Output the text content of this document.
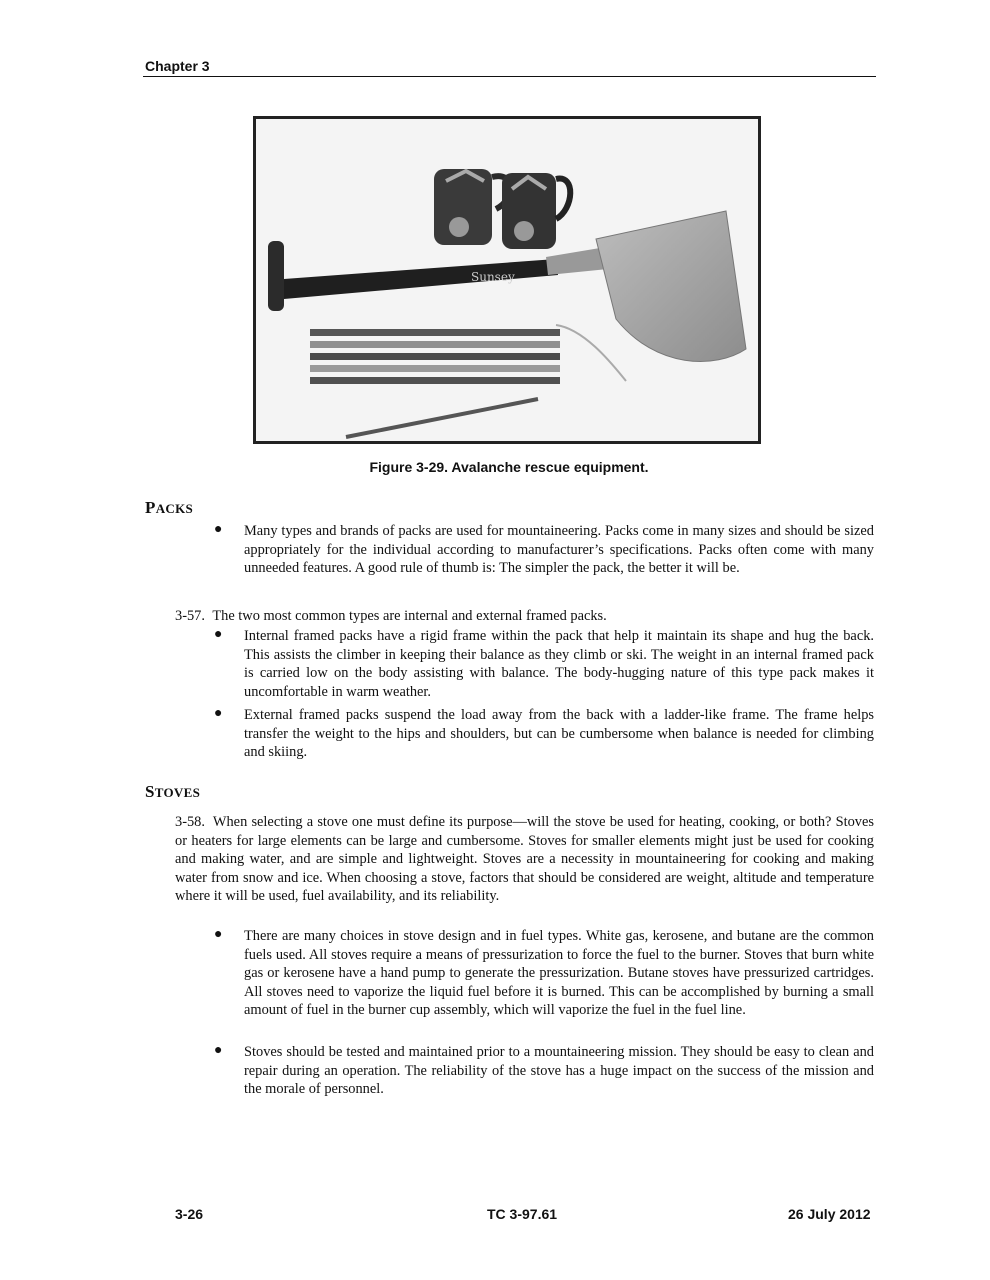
Chapter 3
Sunsey
Figure 3-29. Avalanche rescue equipment.
PACKS
● Many types and brands of packs are used for mountaineering. Packs come in many sizes and should be sized appropriately for the individual according to manufacturer’s specifications. Packs often come with many unneeded features. A good rule of thumb is: The simpler the pack, the better it will be.
3-57. The two most common types are internal and external framed packs.
● Internal framed packs have a rigid frame within the pack that help it maintain its shape and hug the back. This assists the climber in keeping their balance as they climb or ski. The weight in an internal framed pack is carried low on the body assisting with balance. The body-hugging nature of this type pack makes it uncomfortable in warm weather.
● External framed packs suspend the load away from the back with a ladder-like frame. The frame helps transfer the weight to the hips and shoulders, but can be cumbersome when balance is needed for climbing and skiing.
STOVES
3-58. When selecting a stove one must define its purpose—will the stove be used for heating, cooking, or both? Stoves or heaters for large elements can be large and cumbersome. Stoves for smaller elements might just be used for cooking and making water, and are simple and lightweight. Stoves are a necessity in mountaineering for cooking and making water from snow and ice. When choosing a stove, factors that should be considered are weight, altitude and temperature where it will be used, fuel availability, and its reliability.
● There are many choices in stove design and in fuel types. White gas, kerosene, and butane are the common fuels used. All stoves require a means of pressurization to force the fuel to the burner. Stoves that burn white gas or kerosene have a hand pump to generate the pressurization. Butane stoves have pressurized cartridges. All stoves need to vaporize the liquid fuel before it is burned. This can be accomplished by burning a small amount of fuel in the burner cup assembly, which will vaporize the fuel in the fuel line.
● Stoves should be tested and maintained prior to a mountaineering mission. They should be easy to clean and repair during an operation. The reliability of the stove has a huge impact on the success of the mission and the morale of personnel.
3-26	TC 3-97.61	26 July 2012
